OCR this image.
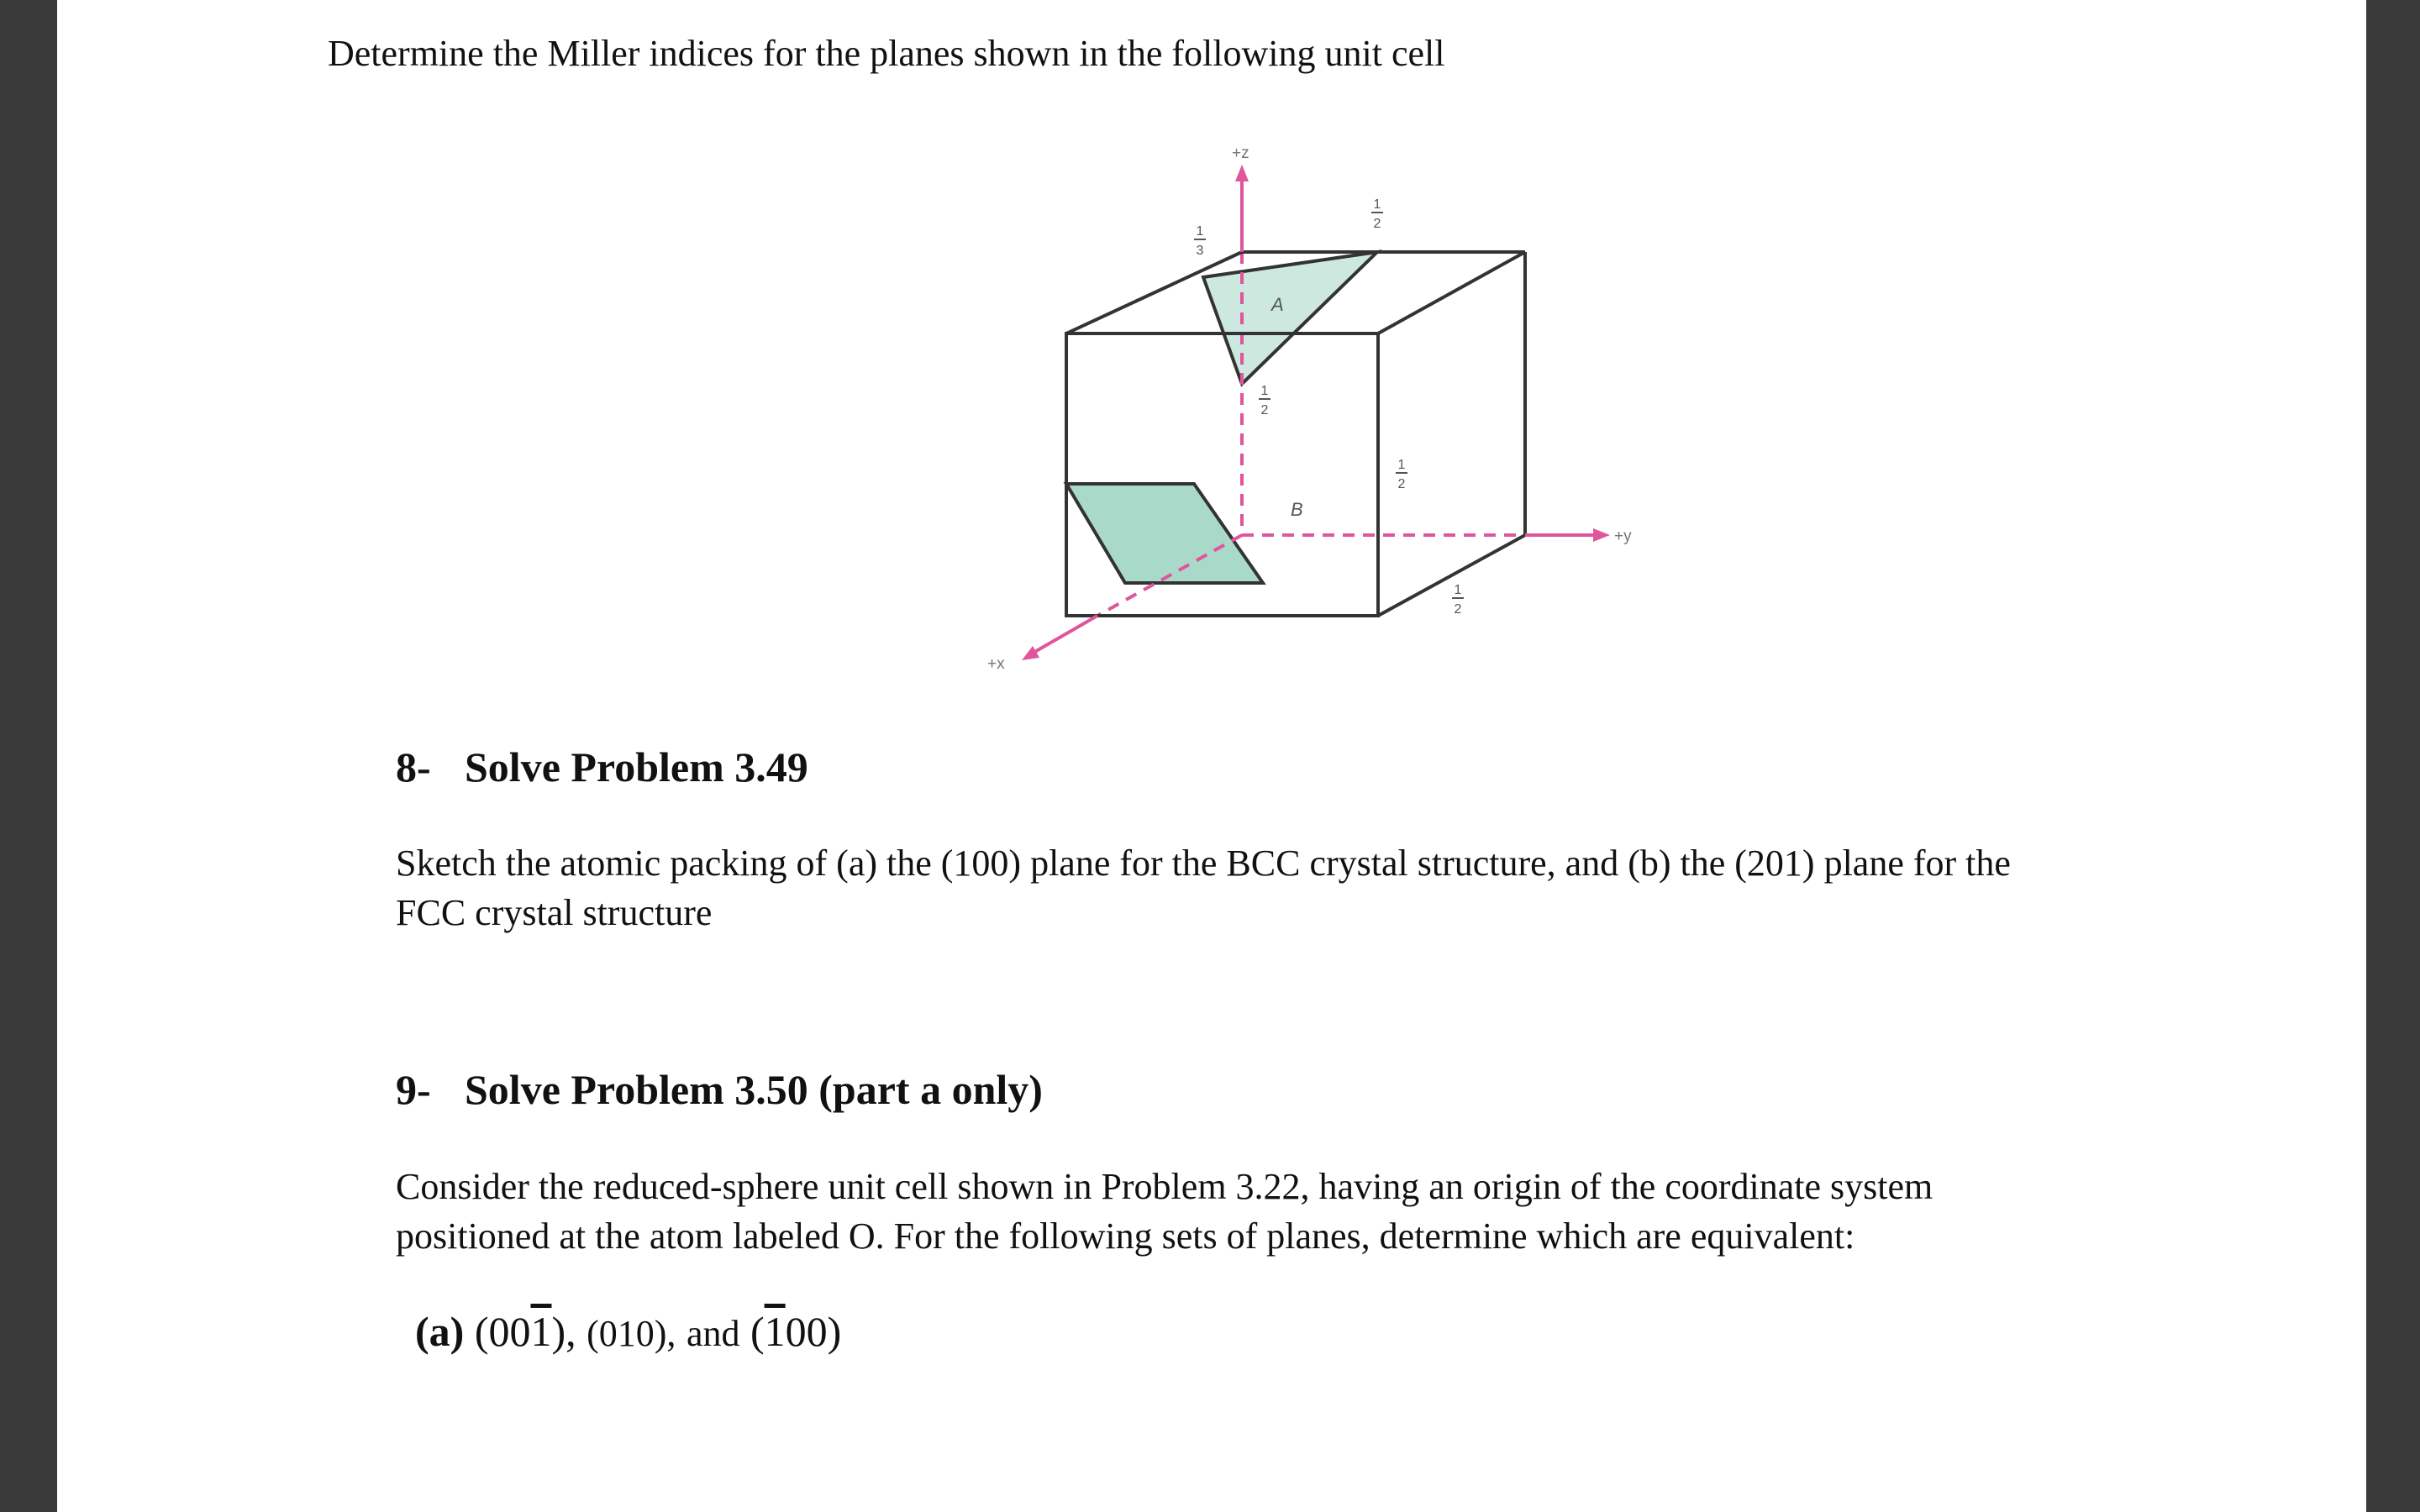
Determine the Miller indices for the planes shown in the following unit cell
+z
+y
+x
A
B
1
3
1
2
1
2
1
2
1
2
8- Solve Problem 3.49
Sketch the atomic packing of (a) the (100) plane for the BCC crystal structure, and (b) the (201) plane for the FCC crystal structure
9- Solve Problem 3.50 (part a only)
Consider the reduced-sphere unit cell shown in Problem 3.22, having an origin of the coordinate system positioned at the atom labeled O. For the following sets of planes, determine which are equivalent:
(a) (001), (010), and (100)
